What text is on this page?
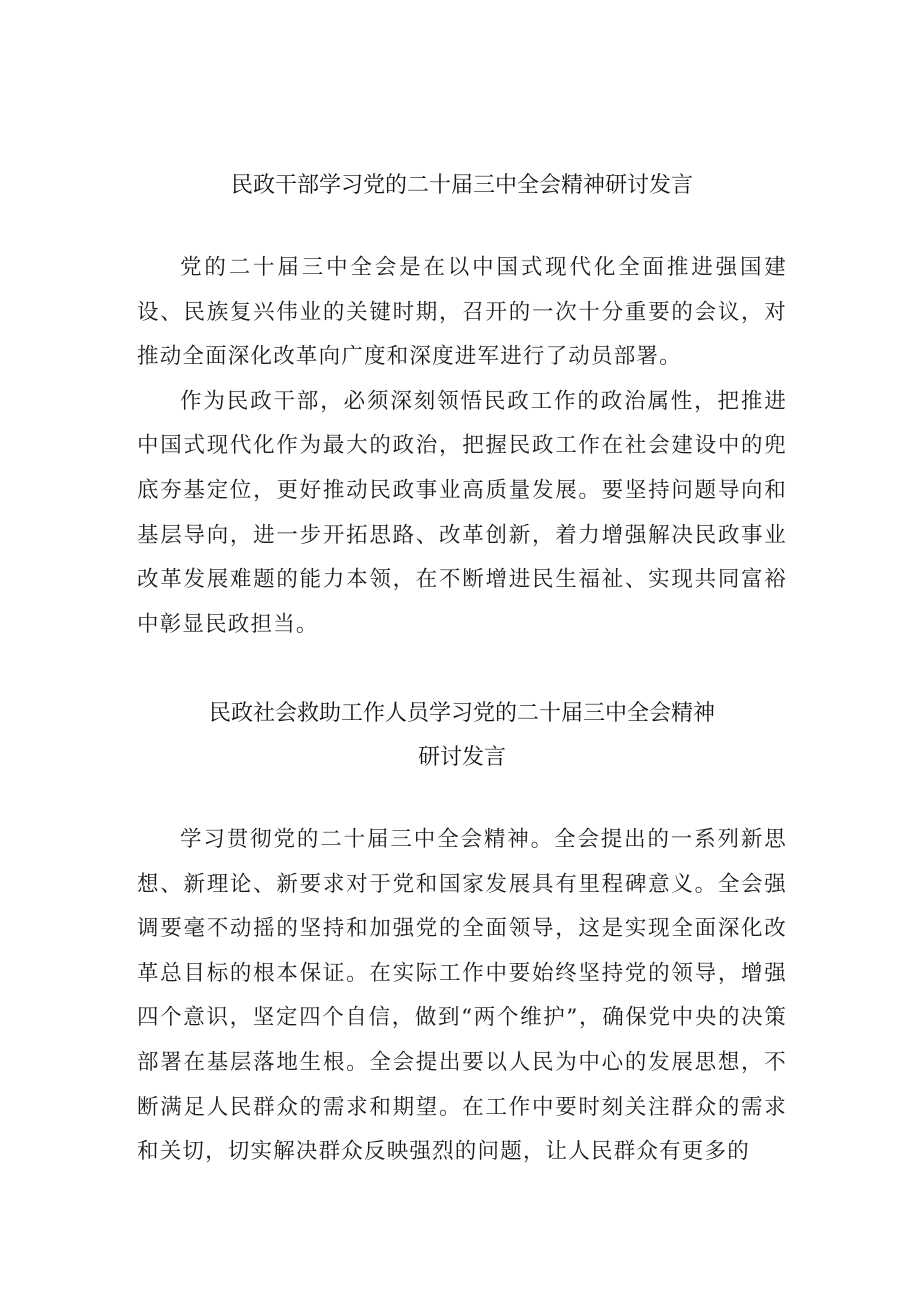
民政干部学习党的二十届三中全会精神研讨发言

党的二十届三中全会是在以中国式现代化全面推进强国建设、民族复兴伟业的关键时期，召开的一次十分重要的会议，对推动全面深化改革向广度和深度进军进行了动员部署。

作为民政干部，必须深刻领悟民政工作的政治属性，把推进中国式现代化作为最大的政治，把握民政工作在社会建设中的兜底夯基定位，更好推动民政事业高质量发展。要坚持问题导向和基层导向，进一步开拓思路、改革创新，着力增强解决民政事业改革发展难题的能力本领，在不断增进民生福祉、实现共同富裕中彰显民政担当。

民政社会救助工作人员学习党的二十届三中全会精神
研讨发言

学习贯彻党的二十届三中全会精神。全会提出的一系列新思想、新理论、新要求对于党和国家发展具有里程碑意义。全会强调要毫不动摇的坚持和加强党的全面领导，这是实现全面深化改革总目标的根本保证。在实际工作中要始终坚持党的领导，增强四个意识，坚定四个自信，做到“两个维护”，确保党中央的决策部署在基层落地生根。全会提出要以人民为中心的发展思想，不断满足人民群众的需求和期望。在工作中要时刻关注群众的需求和关切，切实解决群众反映强烈的问题，让人民群众有更多的
